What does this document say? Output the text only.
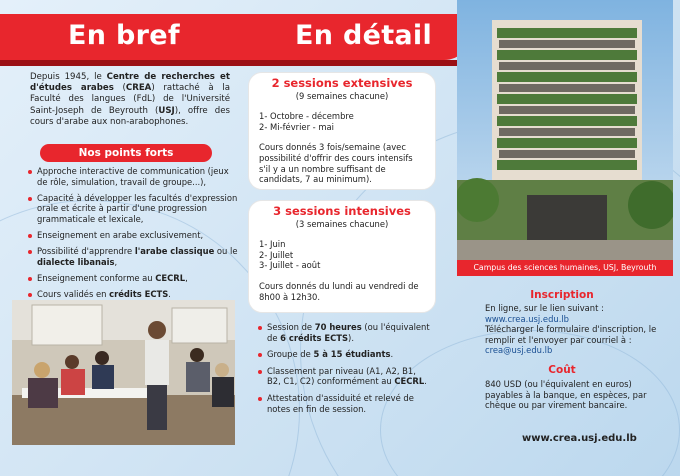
En bref	En détail
Depuis 1945, le Centre de recherches et d'études arabes (CREA) rattaché à la Faculté des langues (FdL) de l'Université Saint-Joseph de Beyrouth (USJ), offre des cours d'arabe aux non-arabophones.
Nos points forts
Approche interactive de communication (jeux de rôle, simulation, travail de groupe...),
Capacité à développer les facultés d'expression orale et écrite à partir d'une progression grammaticale et lexicale,
Enseignement en arabe exclusivement,
Possibilité d'apprendre l'arabe classique ou le dialecte libanais,
Enseignement conforme au CECRL,
Cours validés en crédits ECTS.
2 sessions extensives
(9 semaines chacune)

1- Octobre - décembre

2- Mi-février - mai

Cours donnés 3 fois/semaine (avec possibilité d'offrir des cours intensifs s'il y a un nombre suffisant de candidats, 7 au minimum).

3 sessions intensives
(3 semaines chacune)

1- Juin

2- Juillet

3- Juillet - août

Cours donnés du lundi au vendredi de 8h00 à 12h30.

Session de 70 heures (ou l'équivalent de 6 crédits ECTS).
Groupe de 5 à 15 étudiants.
Classement par niveau (A1, A2, B1, B2, C1, C2) conformément au CECRL.
Attestation d'assiduité et relevé de notes en fin de session.
Campus des sciences humaines, USJ, Beyrouth
Inscription

En ligne, sur le lien suivant :

www.crea.usj.edu.lb

Télécharger le formulaire d'inscription, le remplir et l'envoyer par courriel à :

crea@usj.edu.lb

Coût
840 USD (ou l'équivalent en euros) payables à la banque, en espèces, par chèque ou par virement bancaire.
www.crea.usj.edu.lb
